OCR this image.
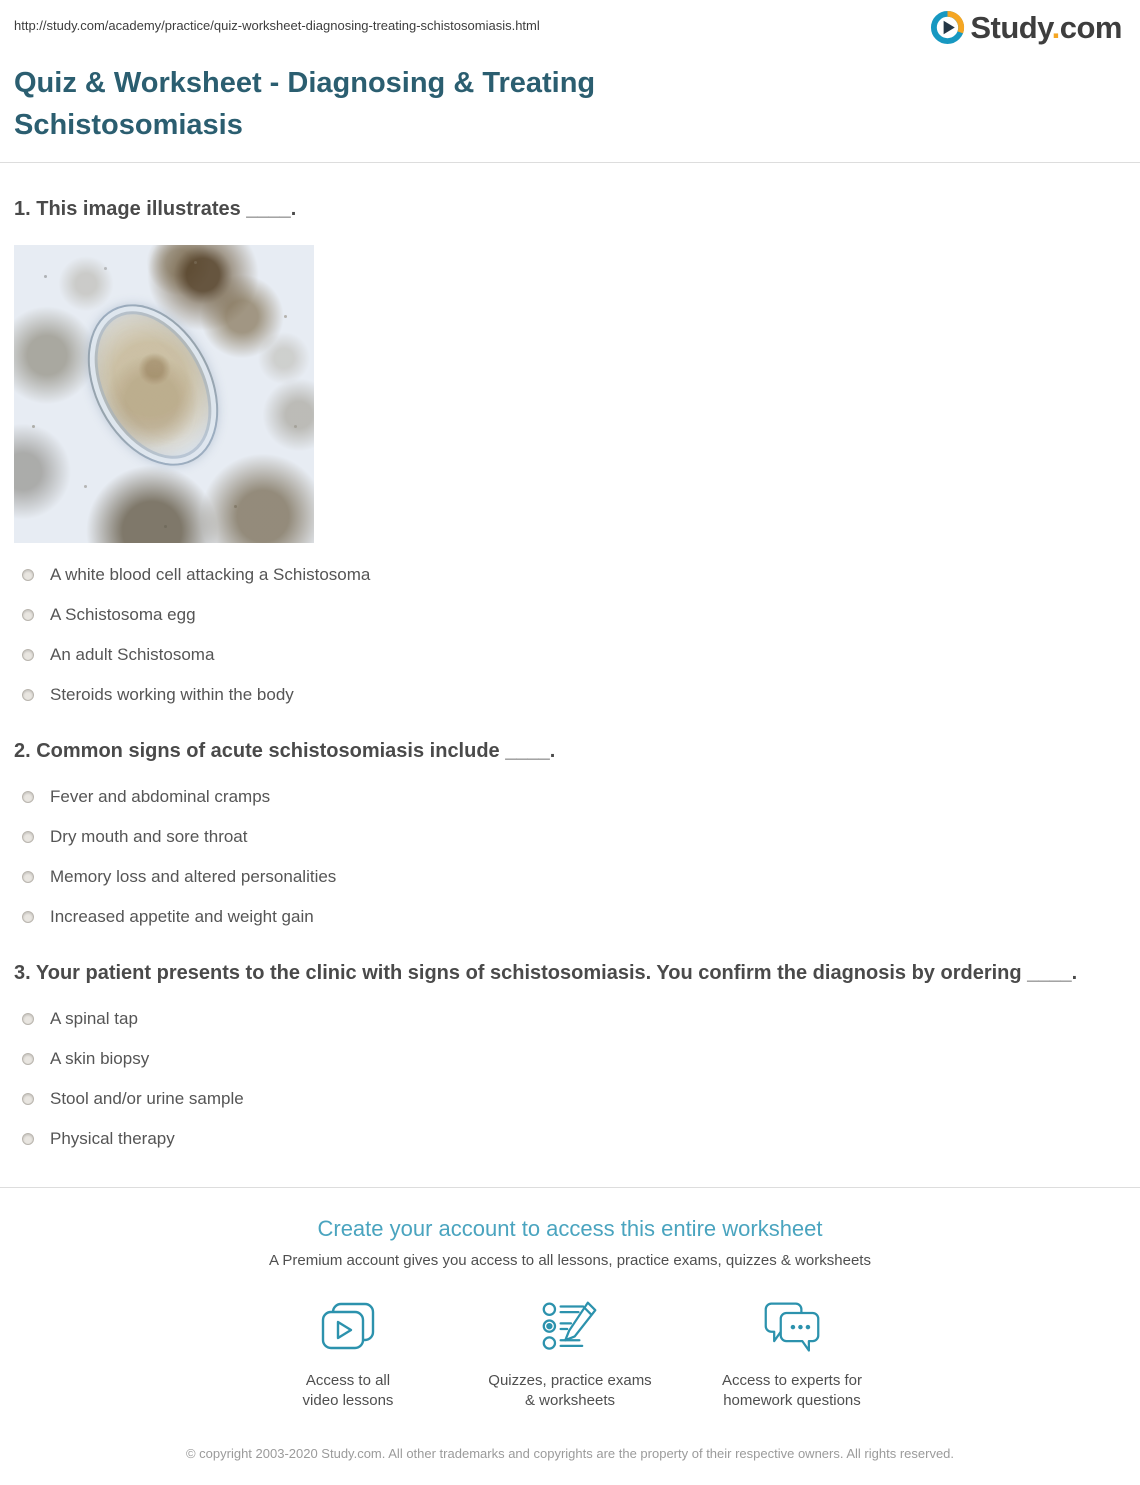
http://study.com/academy/practice/quiz-worksheet-diagnosing-treating-schistosomiasis.html	Study.com
Quiz & Worksheet - Diagnosing & Treating Schistosomiasis
1. This image illustrates ____.
A white blood cell attacking a Schistosoma
A Schistosoma egg
An adult Schistosoma
Steroids working within the body
2. Common signs of acute schistosomiasis include ____.
Fever and abdominal cramps
Dry mouth and sore throat
Memory loss and altered personalities
Increased appetite and weight gain
3. Your patient presents to the clinic with signs of schistosomiasis. You confirm the diagnosis by ordering ____.
A spinal tap
A skin biopsy
Stool and/or urine sample
Physical therapy
Create your account to access this entire worksheet
A Premium account gives you access to all lessons, practice exams, quizzes & worksheets
Access to all
video lessons
Quizzes, practice exams
& worksheets
Access to experts for
homework questions
© copyright 2003-2020 Study.com. All other trademarks and copyrights are the property of their respective owners. All rights reserved.
